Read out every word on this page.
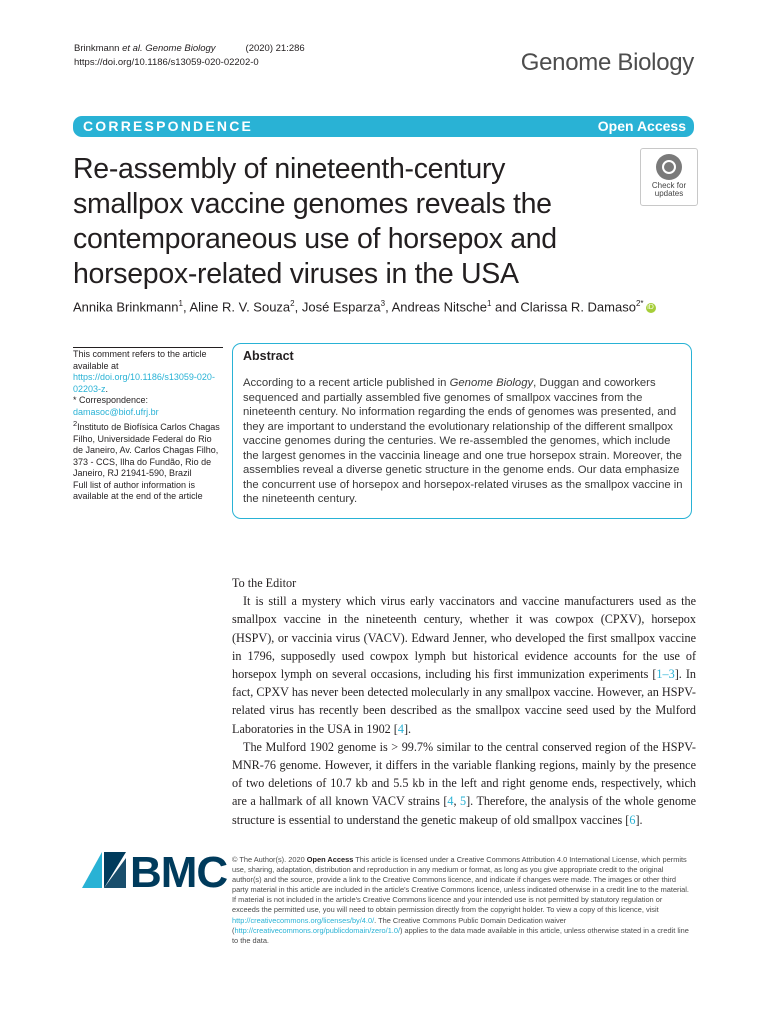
Brinkmann et al. Genome Biology	(2020) 21:286
https://doi.org/10.1186/s13059-020-02202-0	Genome Biology
CORRESPONDENCE	Open Access
Re-assembly of nineteenth-century
smallpox vaccine genomes reveals the
contemporaneous use of horsepox and
horsepox-related viruses in the USA
Check for
updates
Annika Brinkmann$^1$, Aline R. V. Souza$^2$, José Esparza$^3$, Andreas Nitsche$^1$ and Clarissa R. Damaso$^{2*}$ iD
This comment refers to the article available at https://doi.org/10.1186/s13059-020-02203-z.
* Correspondence: damasoc@biof.ufrj.br
$^2$Instituto de Biofísica Carlos Chagas Filho, Universidade Federal do Rio de Janeiro, Av. Carlos Chagas Filho, 373 - CCS, Ilha do Fundão, Rio de Janeiro, RJ 21941-590, Brazil
Full list of author information is available at the end of the article
Abstract
According to a recent article published in Genome Biology, Duggan and coworkers sequenced and partially assembled five genomes of smallpox vaccines from the nineteenth century. No information regarding the ends of genomes was presented, and they are important to understand the evolutionary relationship of the different smallpox vaccine genomes during the centuries. We re-assembled the genomes, which include the largest genomes in the vaccinia lineage and one true horsepox strain. Moreover, the assemblies reveal a diverse genetic structure in the genome ends. Our data emphasize the concurrent use of horsepox and horsepox-related viruses as the smallpox vaccine in the nineteenth century.

To the Editor

It is still a mystery which virus early vaccinators and vaccine manufacturers used as the smallpox vaccine in the nineteenth century, whether it was cowpox (CPXV), horsepox (HSPV), or vaccinia virus (VACV). Edward Jenner, who developed the first smallpox vaccine in 1796, supposedly used cowpox lymph but historical evidence accounts for the use of horsepox lymph on several occasions, including his first immunization experiments [1–3]. In fact, CPXV has never been detected molecularly in any smallpox vaccine. However, an HSPV-related virus has recently been described as the smallpox vaccine seed used by the Mulford Laboratories in the USA in 1902 [4].

The Mulford 1902 genome is > 99.7% similar to the central conserved region of the HSPV-MNR-76 genome. However, it differs in the variable flanking regions, mainly by the presence of two deletions of 10.7 kb and 5.5 kb in the left and right genome ends, respectively, which are a hallmark of all known VACV strains [4, 5]. Therefore, the analysis of the whole genome structure is essential to understand the genetic makeup of old smallpox vaccines [6].

BMC © The Author(s). 2020 Open Access This article is licensed under a Creative Commons Attribution 4.0 International License, which permits use, sharing, adaptation, distribution and reproduction in any medium or format, as long as you give appropriate credit to the original author(s) and the source, provide a link to the Creative Commons licence, and indicate if changes were made. The images or other third party material in this article are included in the article's Creative Commons licence, unless indicated otherwise in a credit line to the material. If material is not included in the article's Creative Commons licence and your intended use is not permitted by statutory regulation or exceeds the permitted use, you will need to obtain permission directly from the copyright holder. To view a copy of this licence, visit http://creativecommons.org/licenses/by/4.0/. The Creative Commons Public Domain Dedication waiver (http://creativecommons.org/publicdomain/zero/1.0/) applies to the data made available in this article, unless otherwise stated in a credit line to the data.
